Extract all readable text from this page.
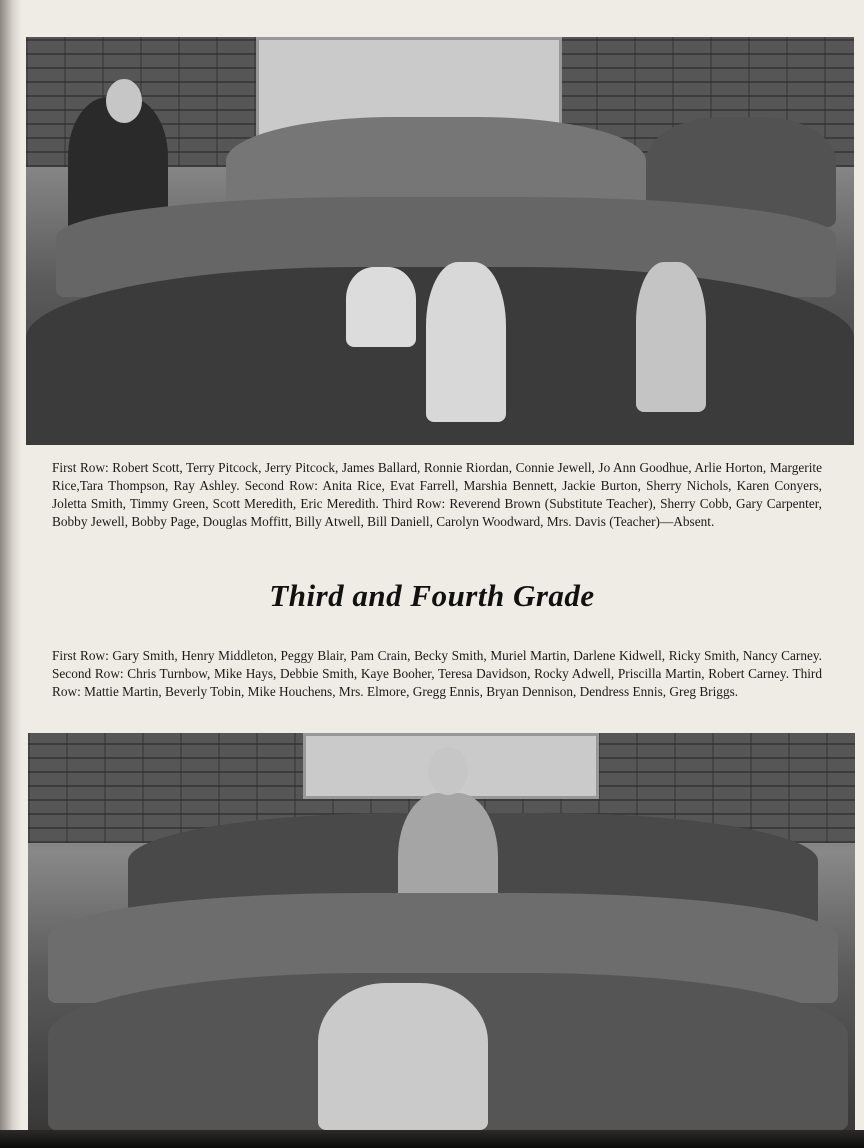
First Row: Robert Scott, Terry Pitcock, Jerry Pitcock, James Ballard, Ronnie Riordan, Connie Jewell, Jo Ann Goodhue, Arlie Horton, Margerite Rice,Tara Thompson, Ray Ashley. Second Row: Anita Rice, Evat Farrell, Marshia Bennett, Jackie Burton, Sherry Nichols, Karen Conyers, Joletta Smith, Timmy Green, Scott Meredith, Eric Meredith. Third Row: Reverend Brown (Substitute Teacher), Sherry Cobb, Gary Carpenter, Bobby Jewell, Bobby Page, Douglas Moffitt, Billy Atwell, Bill Daniell, Carolyn Woodward, Mrs. Davis (Teacher)—Absent.
Third and Fourth Grade
First Row: Gary Smith, Henry Middleton, Peggy Blair, Pam Crain, Becky Smith, Muriel Martin, Darlene Kidwell, Ricky Smith, Nancy Carney. Second Row: Chris Turnbow, Mike Hays, Debbie Smith, Kaye Booher, Teresa Davidson, Rocky Adwell, Priscilla Martin, Robert Carney. Third Row: Mattie Martin, Beverly Tobin, Mike Houchens, Mrs. Elmore, Gregg Ennis, Bryan Dennison, Dendress Ennis, Greg Briggs.
